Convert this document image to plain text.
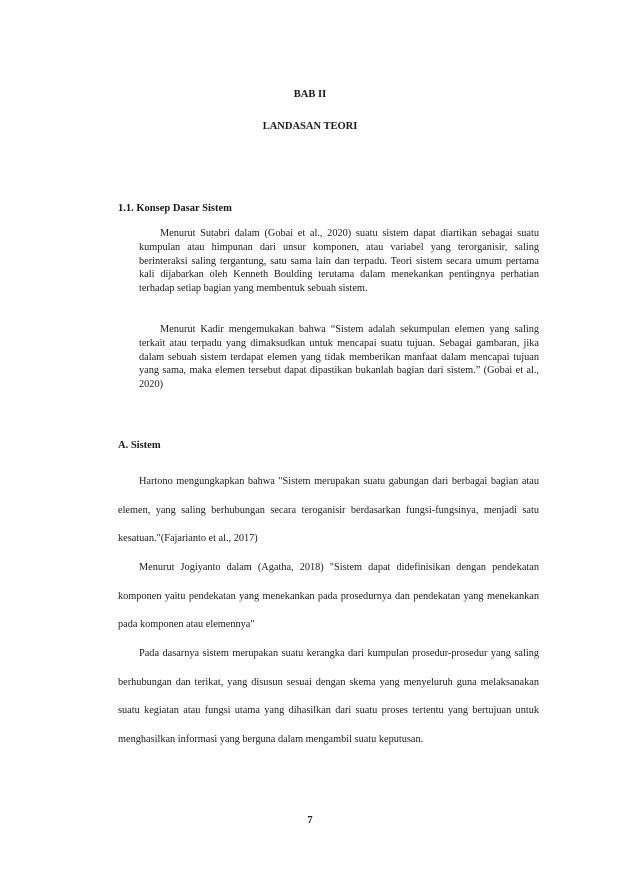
BAB II
LANDASAN TEORI
1.1. Konsep Dasar Sistem

Menurut Sutabri dalam (Gobai et al., 2020) suatu sistem dapat diartikan sebagai suatu kumpulan atau himpunan dari unsur komponen, atau variabel yang terorganisir, saling berinteraksi saling tergantung, satu sama lain dan terpadu. Teori sistem secara umum pertama kali dijabarkan oleh Kenneth Boulding terutama dalam menekankan pentingnya perhatian terhadap setiap bagian yang membentuk sebuah sistem.

Menurut Kadir mengemukakan bahwa “Sistem adalah sekumpulan elemen yang saling terkait atau terpadu yang dimaksudkan untuk mencapai suatu tujuan. Sebagai gambaran, jika dalam sebuah sistem terdapat elemen yang tidak memberikan manfaat dalam mencapai tujuan yang sama, maka elemen tersebut dapat dipastikan bukanlah bagian dari sistem.” (Gobai et al., 2020)

A. Sistem

Hartono mengungkapkan bahwa "Sistem merupakan suatu gabungan dari berbagai bagian atau elemen, yang saling berhubungan secara teroganisir berdasarkan fungsi-fungsinya, menjadi satu kesatuan."(Fajarianto et al., 2017)

Menurut Jogiyanto dalam (Agatha, 2018) "Sistem dapat didefinisikan dengan pendekatan komponen yaitu pendekatan yang menekankan pada prosedurnya dan pendekatan yang menekankan pada komponen atau elemennya"

Pada dasarnya sistem merupakan suatu kerangka dari kumpulan prosedur-prosedur yang saling berhubungan dan terikat, yang disusun sesuai dengan skema yang menyeluruh guna melaksanakan suatu kegiatan atau fungsi utama yang dihasilkan dari suatu proses tertentu yang bertujuan untuk menghasilkan informasi yang berguna dalam mengambil suatu keputusan.

7
